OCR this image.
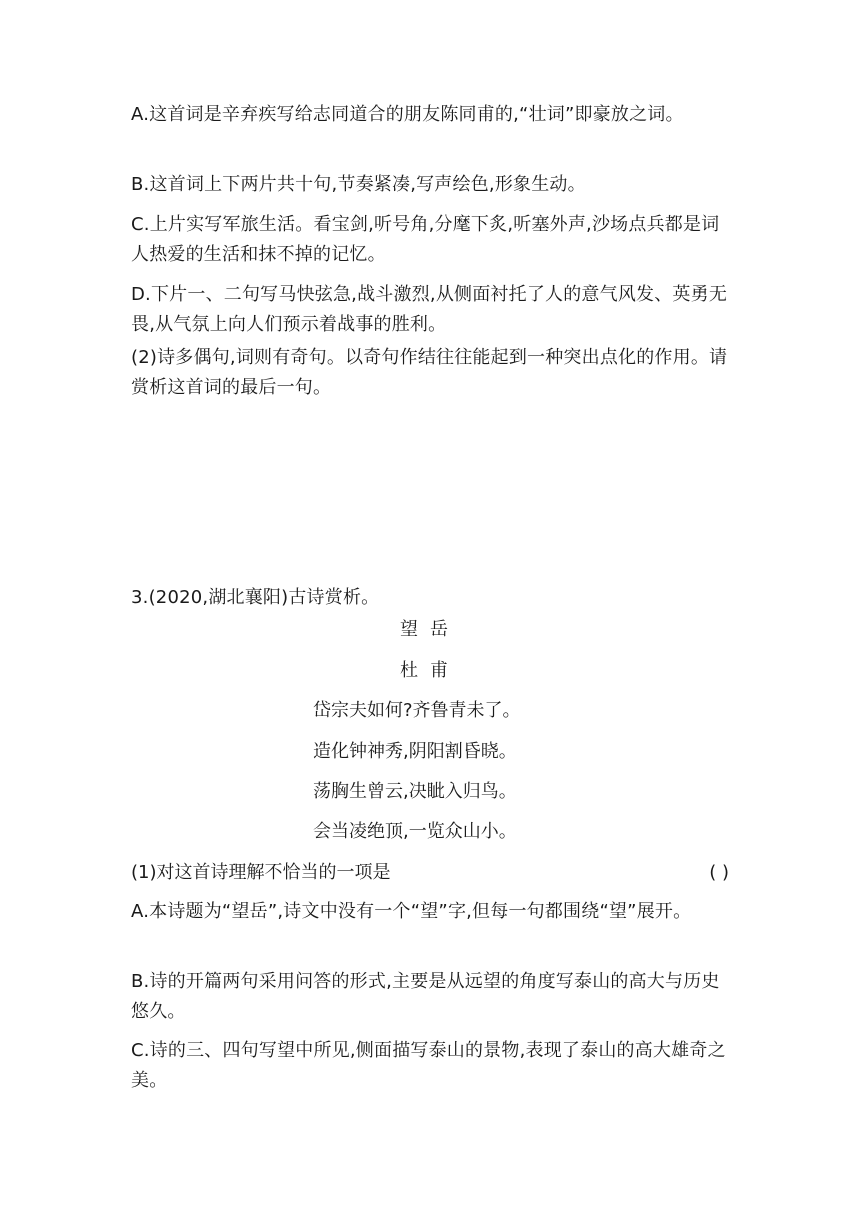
A.这首词是辛弃疾写给志同道合的朋友陈同甫的,“壮词”即豪放之词。
B.这首词上下两片共十句,节奏紧凑,写声绘色,形象生动。
C.上片实写军旅生活。看宝剑,听号角,分麾下炙,听塞外声,沙场点兵都是词人热爱的生活和抹不掉的记忆。
D.下片一、二句写马快弦急,战斗激烈,从侧面衬托了人的意气风发、英勇无畏,从气氛上向人们预示着战事的胜利。
(2)诗多偶句,词则有奇句。以奇句作结往往能起到一种突出点化的作用。请赏析这首词的最后一句。
3.(2020,湖北襄阳)古诗赏析。
望岳
杜甫
岱宗夫如何?齐鲁青未了。
造化钟神秀,阴阳割昏晓。
荡胸生曾云,决眦入归鸟。
会当凌绝顶,一览众山小。
(1)对这首诗理解不恰当的一项是	( )
A.本诗题为“望岳”,诗文中没有一个“望”字,但每一句都围绕“望”展开。
B.诗的开篇两句采用问答的形式,主要是从远望的角度写泰山的高大与历史悠久。
C.诗的三、四句写望中所见,侧面描写泰山的景物,表现了泰山的高大雄奇之美。
